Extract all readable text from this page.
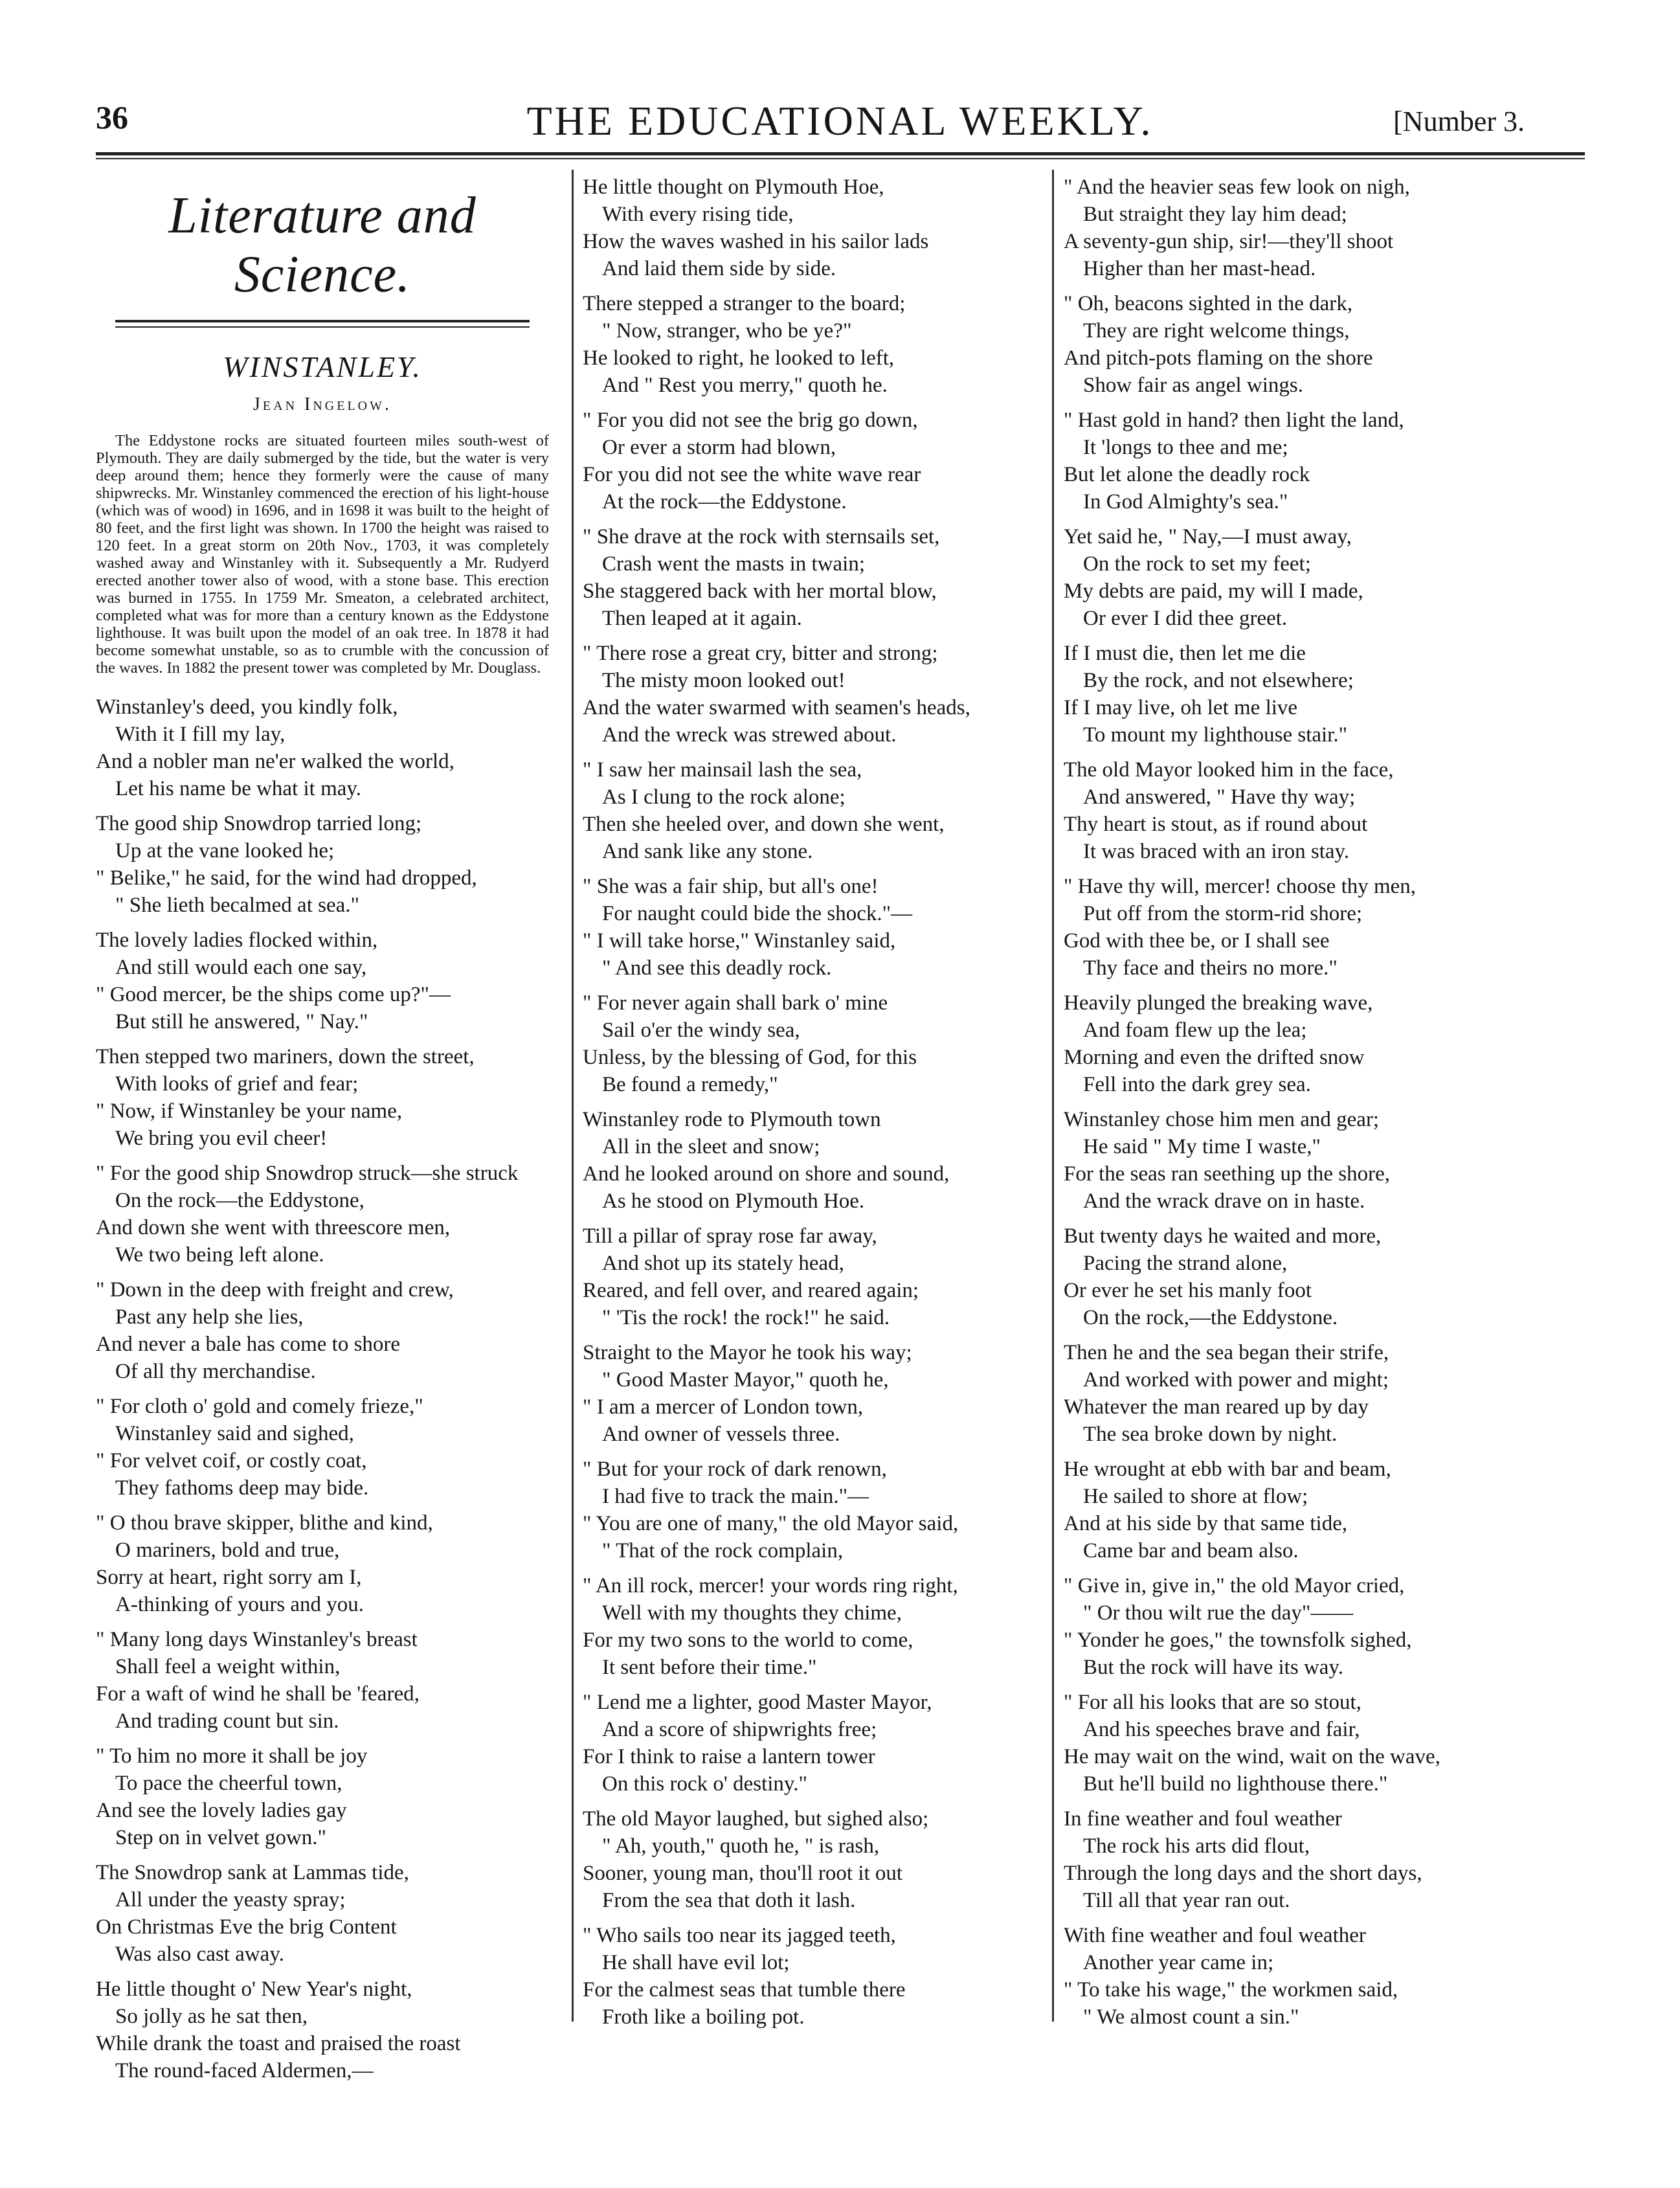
36	THE EDUCATIONAL WEEKLY.	[Number 3.
Literature and Science.
WINSTANLEY.
Jean Ingelow.
The Eddystone rocks are situated fourteen miles south-west of Plymouth. They are daily submerged by the tide, but the water is very deep around them; hence they formerly were the cause of many shipwrecks. Mr. Winstanley commenced the erection of his light-house (which was of wood) in 1696, and in 1698 it was built to the height of 80 feet, and the first light was shown. In 1700 the height was raised to 120 feet. In a great storm on 20th Nov., 1703, it was completely washed away and Winstanley with it. Subsequently a Mr. Rudyerd erected another tower also of wood, with a stone base. This erection was burned in 1755. In 1759 Mr. Smeaton, a celebrated architect, completed what was for more than a century known as the Eddystone lighthouse. It was built upon the model of an oak tree. In 1878 it had become somewhat unstable, so as to crumble with the concussion of the waves. In 1882 the present tower was completed by Mr. Douglass.
Winstanley's deed, you kindly folk,
With it I fill my lay,
And a nobler man ne'er walked the world,
Let his name be what it may.
The good ship Snowdrop tarried long;
Up at the vane looked he;
" Belike," he said, for the wind had dropped,
" She lieth becalmed at sea."
The lovely ladies flocked within,
And still would each one say,
" Good mercer, be the ships come up?"—
But still he answered, " Nay."
Then stepped two mariners, down the street,
With looks of grief and fear;
" Now, if Winstanley be your name,
We bring you evil cheer!
" For the good ship Snowdrop struck—she struck
On the rock—the Eddystone,
And down she went with threescore men,
We two being left alone.
" Down in the deep with freight and crew,
Past any help she lies,
And never a bale has come to shore
Of all thy merchandise.
" For cloth o' gold and comely frieze,"
Winstanley said and sighed,
" For velvet coif, or costly coat,
They fathoms deep may bide.
" O thou brave skipper, blithe and kind,
O mariners, bold and true,
Sorry at heart, right sorry am I,
A-thinking of yours and you.
" Many long days Winstanley's breast
Shall feel a weight within,
For a waft of wind he shall be 'feared,
And trading count but sin.
" To him no more it shall be joy
To pace the cheerful town,
And see the lovely ladies gay
Step on in velvet gown."
The Snowdrop sank at Lammas tide,
All under the yeasty spray;
On Christmas Eve the brig Content
Was also cast away.
He little thought o' New Year's night,
So jolly as he sat then,
While drank the toast and praised the roast
The round-faced Aldermen,—
He little thought on Plymouth Hoe,
With every rising tide,
How the waves washed in his sailor lads
And laid them side by side.
There stepped a stranger to the board;
" Now, stranger, who be ye?"
He looked to right, he looked to left,
And " Rest you merry," quoth he.
" For you did not see the brig go down,
Or ever a storm had blown,
For you did not see the white wave rear
At the rock—the Eddystone.
" She drave at the rock with sternsails set,
Crash went the masts in twain;
She staggered back with her mortal blow,
Then leaped at it again.
" There rose a great cry, bitter and strong;
The misty moon looked out!
And the water swarmed with seamen's heads,
And the wreck was strewed about.
" I saw her mainsail lash the sea,
As I clung to the rock alone;
Then she heeled over, and down she went,
And sank like any stone.
" She was a fair ship, but all's one!
For naught could bide the shock."—
" I will take horse," Winstanley said,
" And see this deadly rock.
" For never again shall bark o' mine
Sail o'er the windy sea,
Unless, by the blessing of God, for this
Be found a remedy,"
Winstanley rode to Plymouth town
All in the sleet and snow;
And he looked around on shore and sound,
As he stood on Plymouth Hoe.
Till a pillar of spray rose far away,
And shot up its stately head,
Reared, and fell over, and reared again;
" 'Tis the rock! the rock!" he said.
Straight to the Mayor he took his way;
" Good Master Mayor," quoth he,
" I am a mercer of London town,
And owner of vessels three.
" But for your rock of dark renown,
I had five to track the main."—
" You are one of many," the old Mayor said,
" That of the rock complain,
" An ill rock, mercer! your words ring right,
Well with my thoughts they chime,
For my two sons to the world to come,
It sent before their time."
" Lend me a lighter, good Master Mayor,
And a score of shipwrights free;
For I think to raise a lantern tower
On this rock o' destiny."
The old Mayor laughed, but sighed also;
" Ah, youth," quoth he, " is rash,
Sooner, young man, thou'll root it out
From the sea that doth it lash.
" Who sails too near its jagged teeth,
He shall have evil lot;
For the calmest seas that tumble there
Froth like a boiling pot.
" And the heavier seas few look on nigh,
But straight they lay him dead;
A seventy-gun ship, sir!—they'll shoot
Higher than her mast-head.
" Oh, beacons sighted in the dark,
They are right welcome things,
And pitch-pots flaming on the shore
Show fair as angel wings.
" Hast gold in hand? then light the land,
It 'longs to thee and me;
But let alone the deadly rock
In God Almighty's sea."
Yet said he, " Nay,—I must away,
On the rock to set my feet;
My debts are paid, my will I made,
Or ever I did thee greet.
If I must die, then let me die
By the rock, and not elsewhere;
If I may live, oh let me live
To mount my lighthouse stair."
The old Mayor looked him in the face,
And answered, " Have thy way;
Thy heart is stout, as if round about
It was braced with an iron stay.
" Have thy will, mercer! choose thy men,
Put off from the storm-rid shore;
God with thee be, or I shall see
Thy face and theirs no more."
Heavily plunged the breaking wave,
And foam flew up the lea;
Morning and even the drifted snow
Fell into the dark grey sea.
Winstanley chose him men and gear;
He said " My time I waste,"
For the seas ran seething up the shore,
And the wrack drave on in haste.
But twenty days he waited and more,
Pacing the strand alone,
Or ever he set his manly foot
On the rock,—the Eddystone.
Then he and the sea began their strife,
And worked with power and might;
Whatever the man reared up by day
The sea broke down by night.
He wrought at ebb with bar and beam,
He sailed to shore at flow;
And at his side by that same tide,
Came bar and beam also.
" Give in, give in," the old Mayor cried,
" Or thou wilt rue the day"——
" Yonder he goes," the townsfolk sighed,
But the rock will have its way.
" For all his looks that are so stout,
And his speeches brave and fair,
He may wait on the wind, wait on the wave,
But he'll build no lighthouse there."
In fine weather and foul weather
The rock his arts did flout,
Through the long days and the short days,
Till all that year ran out.
With fine weather and foul weather
Another year came in;
" To take his wage," the workmen said,
" We almost count a sin."
